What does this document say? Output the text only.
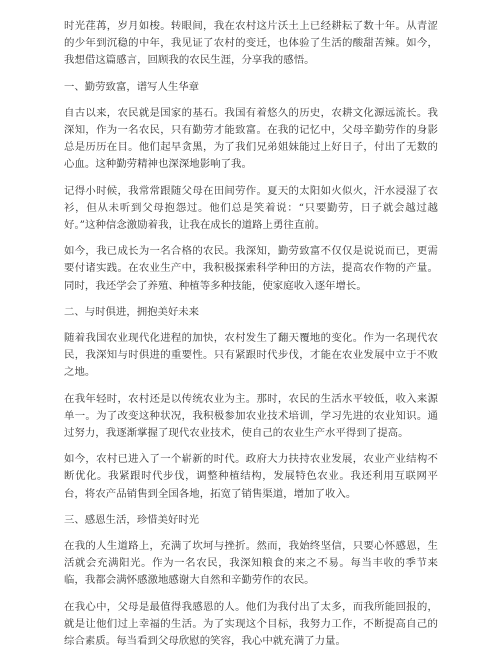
时光荏苒，岁月如梭。转眼间，我在农村这片沃土上已经耕耘了数十年。从青涩的少年到沉稳的中年，我见证了农村的变迁，也体验了生活的酸甜苦辣。如今，我想借这篇感言，回顾我的农民生涯，分享我的感悟。

一、勤劳致富，谱写人生华章

自古以来，农民就是国家的基石。我国有着悠久的历史，农耕文化源远流长。我深知，作为一名农民，只有勤劳才能致富。在我的记忆中，父母辛勤劳作的身影总是历历在目。他们起早贪黑，为了我们兄弟姐妹能过上好日子，付出了无数的心血。这种勤劳精神也深深地影响了我。

记得小时候，我常常跟随父母在田间劳作。夏天的太阳如火似火，汗水浸湿了衣衫，但从未听到父母抱怨过。他们总是笑着说：“只要勤劳，日子就会越过越好。”这种信念激励着我，让我在成长的道路上勇往直前。

如今，我已成长为一名合格的农民。我深知，勤劳致富不仅仅是说说而已，更需要付诸实践。在农业生产中，我积极探索科学种田的方法，提高农作物的产量。同时，我还学会了养殖、种植等多种技能，使家庭收入逐年增长。

二、与时俱进，拥抱美好未来

随着我国农业现代化进程的加快，农村发生了翻天覆地的变化。作为一名现代农民，我深知与时俱进的重要性。只有紧跟时代步伐，才能在农业发展中立于不败之地。

在我年轻时，农村还是以传统农业为主。那时，农民的生活水平较低，收入来源单一。为了改变这种状况，我积极参加农业技术培训，学习先进的农业知识。通过努力，我逐渐掌握了现代农业技术，使自己的农业生产水平得到了提高。

如今，农村已进入了一个崭新的时代。政府大力扶持农业发展，农业产业结构不断优化。我紧跟时代步伐，调整种植结构，发展特色农业。我还利用互联网平台，将农产品销售到全国各地，拓宽了销售渠道，增加了收入。

三、感恩生活，珍惜美好时光

在我的人生道路上，充满了坎坷与挫折。然而，我始终坚信，只要心怀感恩，生活就会充满阳光。作为一名农民，我深知粮食的来之不易。每当丰收的季节来临，我都会满怀感激地感谢大自然和辛勤劳作的农民。

在我心中，父母是最值得我感恩的人。他们为我付出了太多，而我所能回报的，就是让他们过上幸福的生活。为了实现这个目标，我努力工作，不断提高自己的综合素质。每当看到父母欣慰的笑容，我心中就充满了力量。
